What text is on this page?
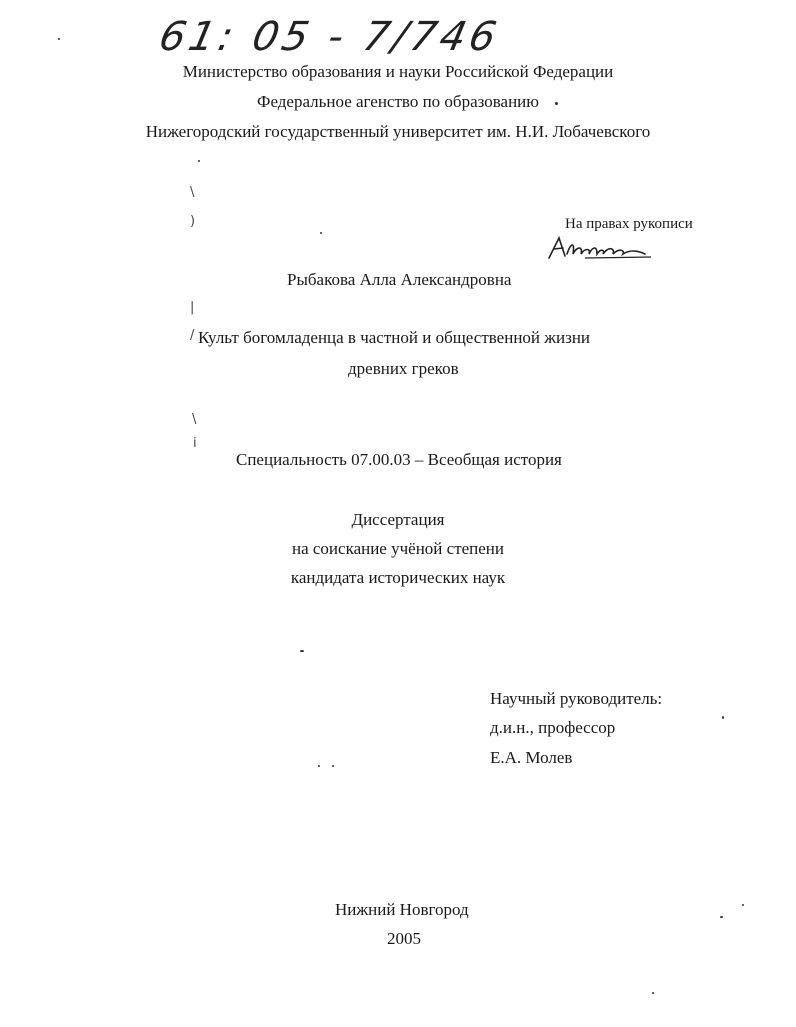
61: 05 - 7/746
Министерство образования и науки Российской Федерации
Федеральное агенство по образованию
Нижегородский государственный университет им. Н.И. Лобачевского
На правах рукописи
Рыбакова Алла Александровна
Культ богомладенца в частной и общественной жизни
древних греков
Специальность 07.00.03 – Всеобщая история
Диссертация
на соискание учёной степени
кандидата исторических наук
Научный руководитель:
д.и.н., профессор
Е.А. Молев
Нижний Новгород
2005
\
)
|
/
\
i
